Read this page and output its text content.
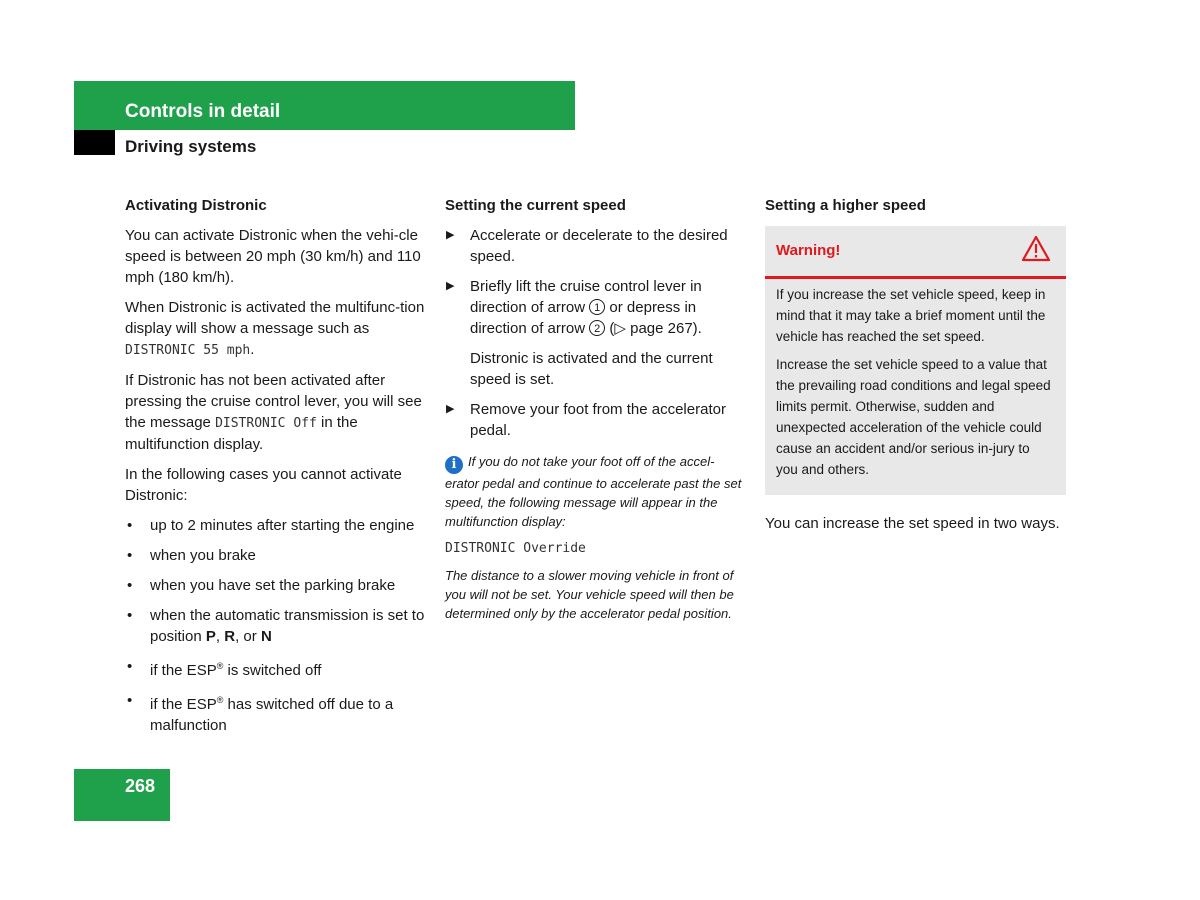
Controls in detail
Driving systems
Activating Distronic

You can activate Distronic when the vehi-cle speed is between 20 mph (30 km/h) and 110 mph (180 km/h).

When Distronic is activated the multifunc-tion display will show a message such as
DISTRONIC 55 mph.

If Distronic has not been activated after pressing the cruise control lever, you will see the message DISTRONIC Off in the multifunction display.

In the following cases you cannot activate Distronic:

• up to 2 minutes after starting the engine
• when you brake
• when you have set the parking brake
• when the automatic transmission is set to position P, R, or N
• if the ESP® is switched off
• if the ESP® has switched off due to a malfunction
Setting the current speed
▶ Accelerate or decelerate to the desired speed.
▶ Briefly lift the cruise control lever in direction of arrow 1 or depress in direction of arrow 2 (▷ page 267).

Distronic is activated and the current speed is set.

▶ Remove your foot from the accelerator pedal.

i If you do not take your foot off of the accel-erator pedal and continue to accelerate past the set speed, the following message will appear in the multifunction display:

DISTRONIC Override

The distance to a slower moving vehicle in front of you will not be set. Your vehicle speed will then be determined only by the accelerator pedal position.

Setting a higher speed
Warning!

If you increase the set vehicle speed, keep in mind that it may take a brief moment until the vehicle has reached the set speed.

Increase the set vehicle speed to a value that the prevailing road conditions and legal speed limits permit. Otherwise, sudden and unexpected acceleration of the vehicle could cause an accident and/or serious in-jury to you and others.

You can increase the set speed in two ways.

268
